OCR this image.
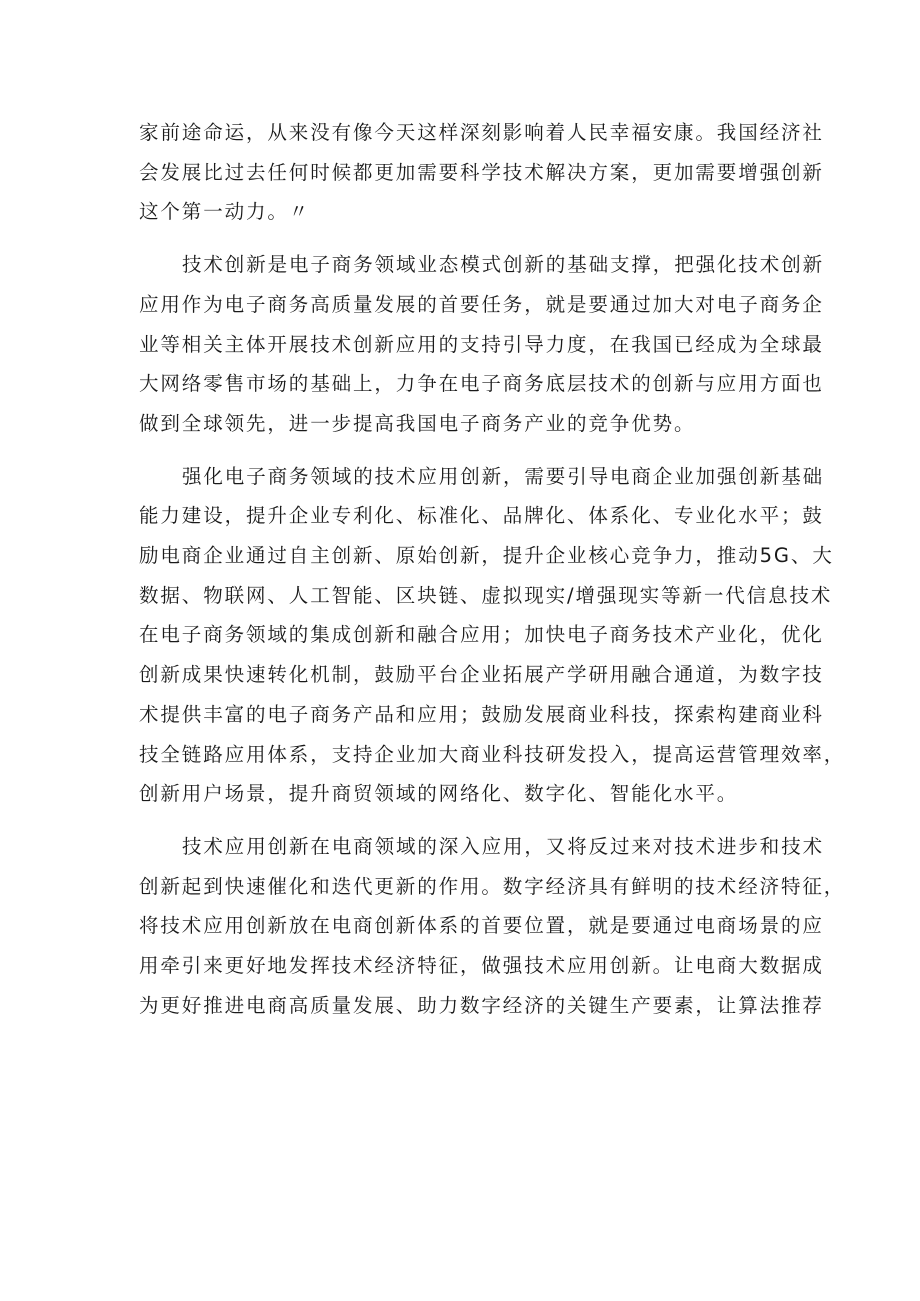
家前途命运，从来没有像今天这样深刻影响着人民幸福安康。我国经济社
会发展比过去任何时候都更加需要科学技术解决方案，更加需要增强创新
这个第一动力。〃

技术创新是电子商务领域业态模式创新的基础支撑，把强化技术创新
应用作为电子商务高质量发展的首要任务，就是要通过加大对电子商务企
业等相关主体开展技术创新应用的支持引导力度，在我国已经成为全球最
大网络零售市场的基础上，力争在电子商务底层技术的创新与应用方面也
做到全球领先，进一步提高我国电子商务产业的竞争优势。

强化电子商务领域的技术应用创新，需要引导电商企业加强创新基础
能力建设，提升企业专利化、标准化、品牌化、体系化、专业化水平；鼓
励电商企业通过自主创新、原始创新，提升企业核心竞争力，推动5G、大
数据、物联网、人工智能、区块链、虚拟现实/增强现实等新一代信息技术
在电子商务领域的集成创新和融合应用；加快电子商务技术产业化，优化
创新成果快速转化机制，鼓励平台企业拓展产学研用融合通道，为数字技
术提供丰富的电子商务产品和应用；鼓励发展商业科技，探索构建商业科
技全链路应用体系，支持企业加大商业科技研发投入，提高运营管理效率，
创新用户场景，提升商贸领域的网络化、数字化、智能化水平。

技术应用创新在电商领域的深入应用，又将反过来对技术进步和技术
创新起到快速催化和迭代更新的作用。数字经济具有鲜明的技术经济特征，
将技术应用创新放在电商创新体系的首要位置，就是要通过电商场景的应
用牵引来更好地发挥技术经济特征，做强技术应用创新。让电商大数据成
为更好推进电商高质量发展、助力数字经济的关键生产要素，让算法推荐
